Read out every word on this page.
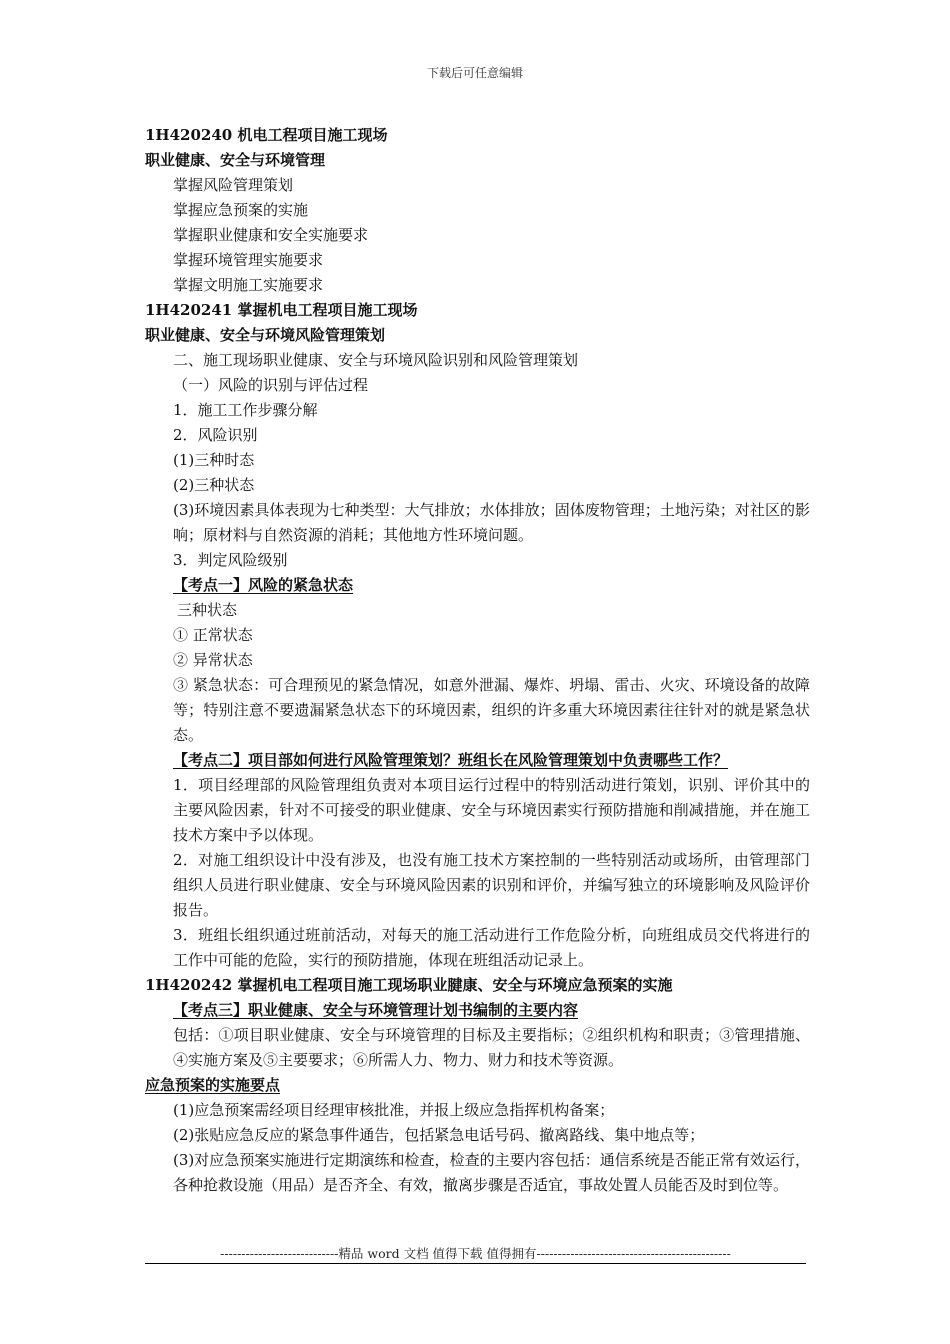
下载后可任意编辑
1H420240 机电工程项目施工现场
职业健康、安全与环境管理
掌握风险管理策划
掌握应急预案的实施
掌握职业健康和安全实施要求
掌握环境管理实施要求
掌握文明施工实施要求
1H420241 掌握机电工程项目施工现场
职业健康、安全与环境风险管理策划
二、施工现场职业健康、安全与环境风险识别和风险管理策划
（一）风险的识别与评估过程
1．施工工作步骤分解
2．风险识别
(1)三种时态
(2)三种状态
(3)环境因素具体表现为七种类型：大气排放；水体排放；固体废物管理；土地污染；对社区的影响；原材料与自然资源的消耗；其他地方性环境问题。
3．判定风险级别
【考点一】风险的紧急状态
三种状态
① 正常状态
② 异常状态
③ 紧急状态：可合理预见的紧急情况，如意外泄漏、爆炸、坍塌、雷击、火灾、环境设备的故障等；特别注意不要遗漏紧急状态下的环境因素，组织的许多重大环境因素往往针对的就是紧急状态。
【考点二】项目部如何进行风险管理策划？班组长在风险管理策划中负责哪些工作？
1．项目经理部的风险管理组负责对本项目运行过程中的特别活动进行策划，识别、评价其中的主要风险因素，针对不可接受的职业健康、安全与环境因素实行预防措施和削减措施，并在施工技术方案中予以体现。
2．对施工组织设计中没有涉及，也没有施工技术方案控制的一些特别活动或场所，由管理部门组织人员进行职业健康、安全与环境风险因素的识别和评价，并编写独立的环境影响及风险评价报告。
3．班组长组织通过班前活动，对每天的施工活动进行工作危险分析，向班组成员交代将进行的工作中可能的危险，实行的预防措施，体现在班组活动记录上。
1H420242 掌握机电工程项目施工现场职业腱康、安全与环境应急预案的实施
【考点三】职业健康、安全与环境管理计划书编制的主要内容
包括：①项目职业健康、安全与环境管理的目标及主要指标；②组织机构和职责；③管理措施、④实施方案及⑤主要要求；⑥所需人力、物力、财力和技术等资源。
应急预案的实施要点
(1)应急预案需经项目经理审核批准，并报上级应急指挥机构备案；
(2)张贴应急反应的紧急事件通告，包括紧急电话号码、撤离路线、集中地点等；
(3)对应急预案实施进行定期演练和检查，检查的主要内容包括：通信系统是否能正常有效运行，各种抢救设施（用品）是否齐全、有效，撤离步骤是否适宜，事故处置人员能否及时到位等。
----------------------------精品 word 文档 值得下载 值得拥有----------------------------------------------
